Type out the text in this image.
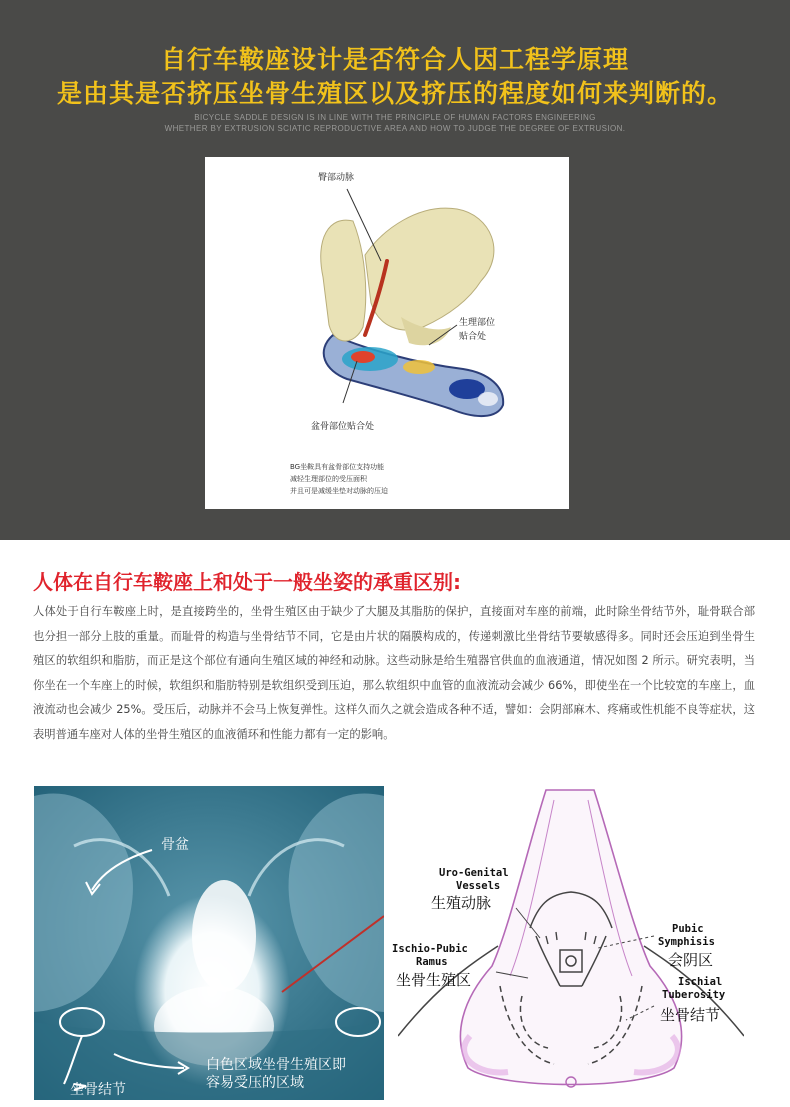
自行车鞍座设计是否符合人因工程学原理
是由其是否挤压坐骨生殖区以及挤压的程度如何来判断的。
BICYCLE SADDLE DESIGN IS IN LINE WITH THE PRINCIPLE OF HUMAN FACTORS ENGINEERING
WHETHER BY EXTRUSION SCIATIC REPRODUCTIVE AREA AND HOW TO JUDGE THE DEGREE OF EXTRUSION.
臀部动脉
生理部位
贴合处
盆骨部位贴合处
BG坐鞍具有盆骨部位支持功能
减轻生理部位的受压面积
并且可是减缓坐垫对动脉的压迫
人体在自行车鞍座上和处于一般坐姿的承重区别:

人体处于自行车鞍座上时，是直接跨坐的，坐骨生殖区由于缺少了大腿及其脂肪的保护，直接面对车座的前端，此时除坐骨结节外，耻骨联合部也分担一部分上肢的重量。而耻骨的构造与坐骨结节不同，它是由片状的隔膜构成的，传递刺激比坐骨结节要敏感得多。同时还会压迫到坐骨生殖区的软组织和脂肪，而正是这个部位有通向生殖区域的神经和动脉。这些动脉是给生殖器官供血的血液通道，情况如图 2 所示。研究表明，当你坐在一个车座上的时候，软组织和脂肪特别是软组织受到压迫，那么软组织中血管的血液流动会减少 66%，即使坐在一个比较宽的车座上，血液流动也会减少 25%。受压后，动脉并不会马上恢复弹性。这样久而久之就会造成各种不适，譬如：会阴部麻木、疼痛或性机能不良等症状，这表明普通车座对人体的坐骨生殖区的血液循环和性能力都有一定的影响。

骨盆
白色区域坐骨生殖区即
容易受压的区域
坐骨结节
Uro-Genital
Vessels
生殖动脉
Ischio-Pubic
Ramus
坐骨生殖区
Pubic
Symphisis
会阴区
Ischial
Tuberosity
坐骨结节
